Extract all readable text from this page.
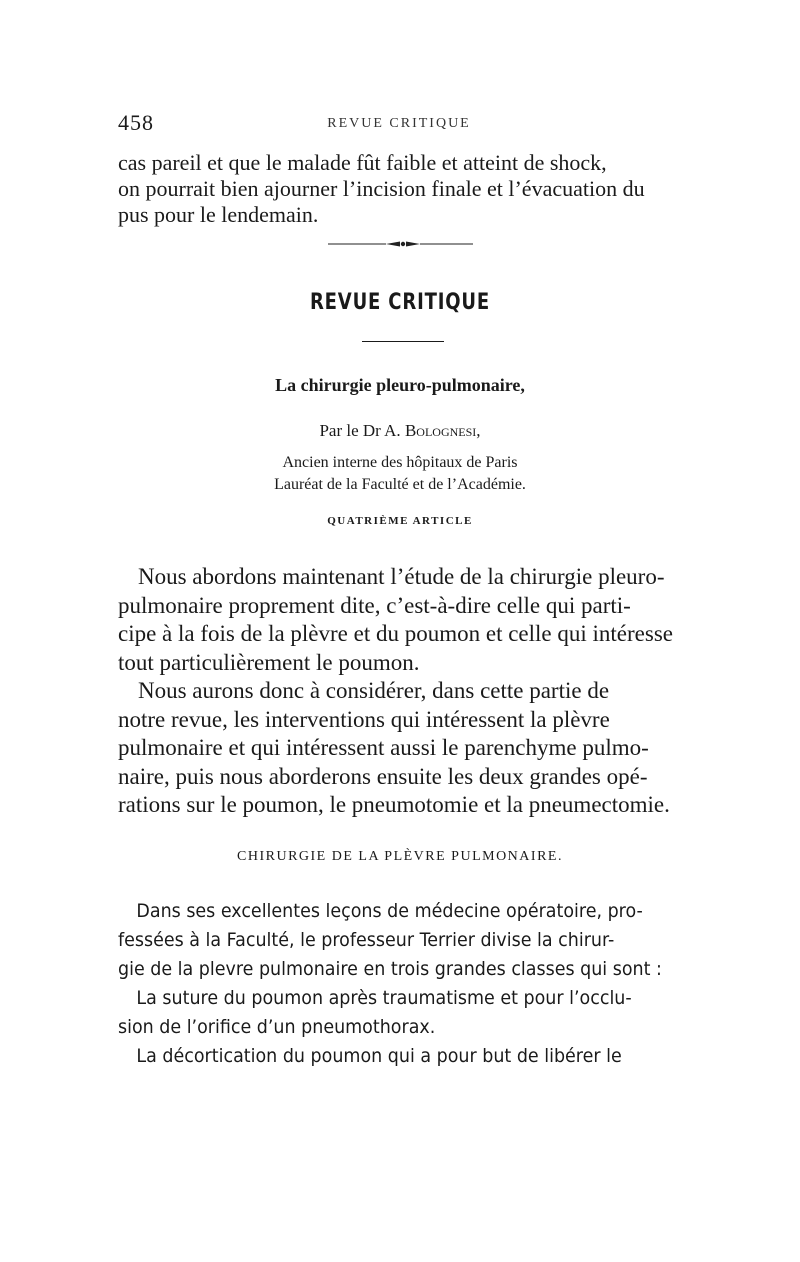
458	REVUE CRITIQUE

cas pareil et que le malade fût faible et atteint de shock,
on pourrait bien ajourner l’incision finale et l’évacuation du
pus pour le lendemain.

REVUE CRITIQUE

La chirurgie pleuro-pulmonaire,

Par le Dr A. Bolognesi,

Ancien interne des hôpitaux de Paris
Lauréat de la Faculté et de l’Académie.

QUATRIÈME ARTICLE

Nous abordons maintenant l’étude de la chirurgie pleuro-
pulmonaire proprement dite, c’est-à-dire celle qui parti-
cipe à la fois de la plèvre et du poumon et celle qui intéresse
tout particulièrement le poumon.
Nous aurons donc à considérer, dans cette partie de
notre revue, les interventions qui intéressent la plèvre
pulmonaire et qui intéressent aussi le parenchyme pulmo-
naire, puis nous aborderons ensuite les deux grandes opé-
rations sur le poumon, le pneumotomie et la pneumectomie.

CHIRURGIE DE LA PLÈVRE PULMONAIRE.

Dans ses excellentes leçons de médecine opératoire, pro-
fessées à la Faculté, le professeur Terrier divise la chirur-
gie de la plevre pulmonaire en trois grandes classes qui sont :
La suture du poumon après traumatisme et pour l’occlu-
sion de l’orifice d’un pneumothorax.
La décortication du poumon qui a pour but de libérer le
